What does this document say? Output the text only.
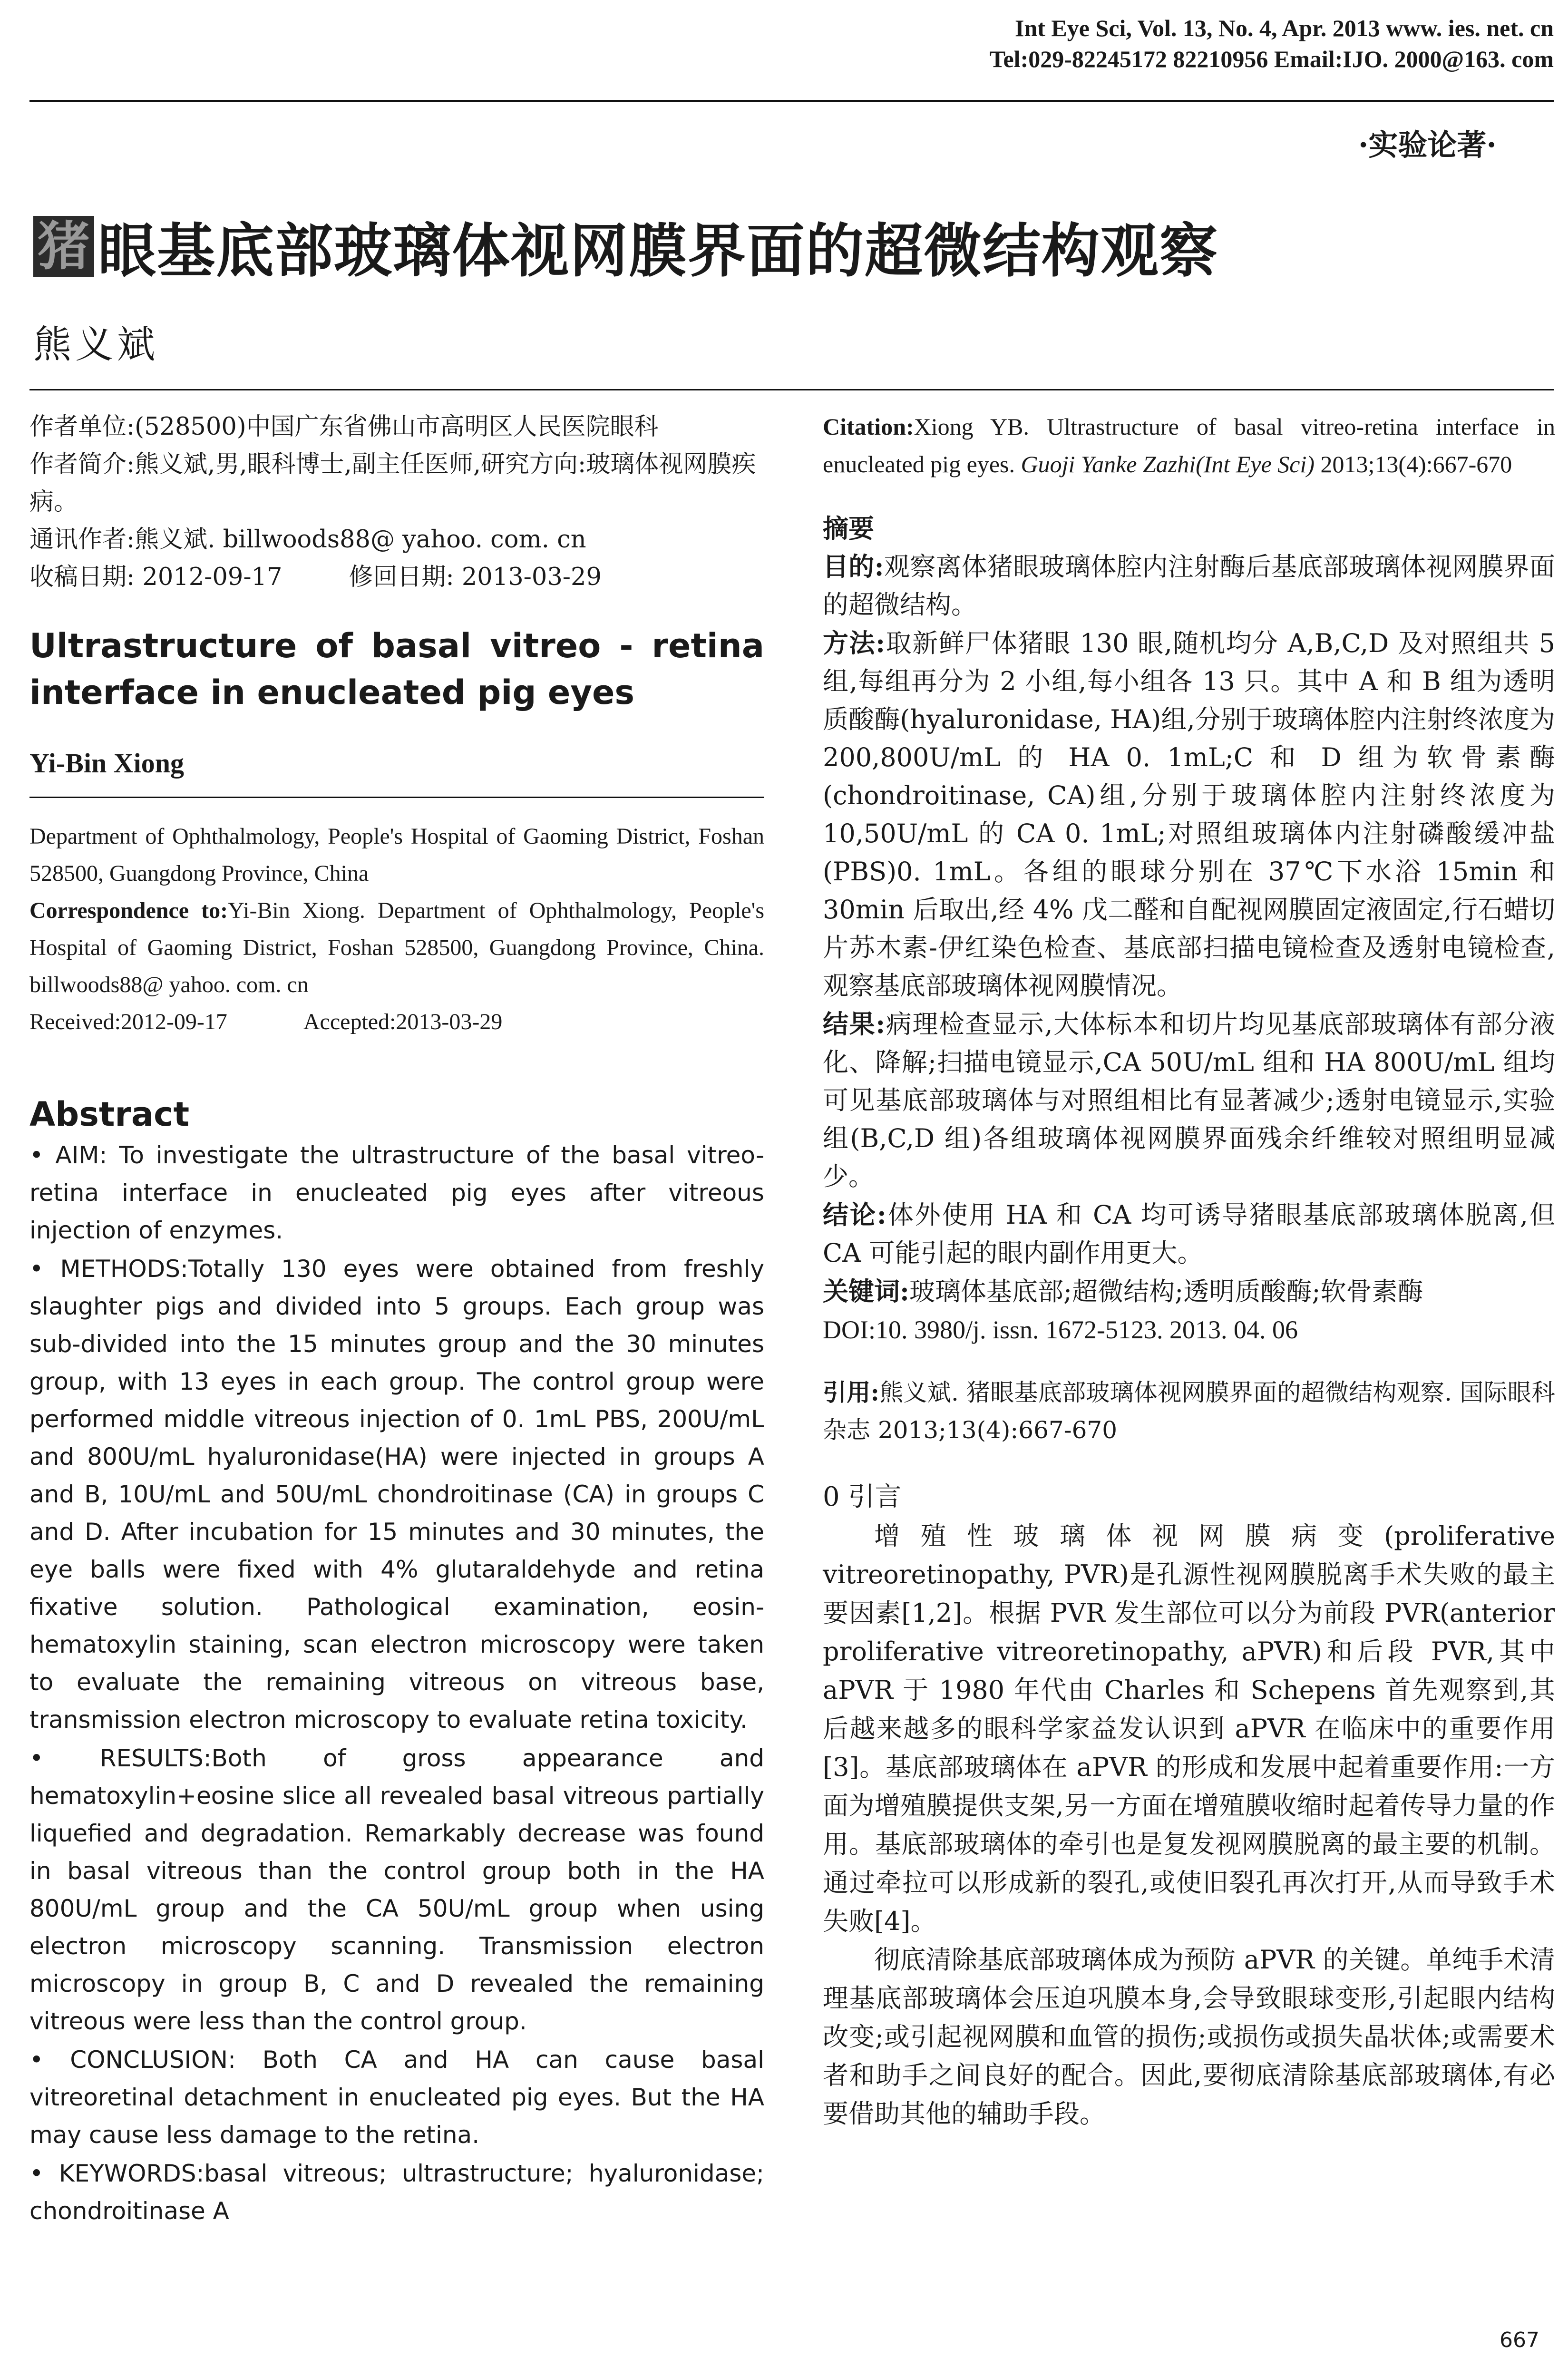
Int Eye Sci, Vol. 13, No. 4, Apr. 2013 www. ies. net. cn
Tel:029-82245172 82210956 Email:IJO. 2000@163. com
·实验论著·
猪 眼基底部玻璃体视网膜界面的超微结构观察
熊义斌
作者单位:(528500)中国广东省佛山市高明区人民医院眼科
作者简介:熊义斌,男,眼科博士,副主任医师,研究方向:玻璃体视网膜疾病。
通讯作者:熊义斌. billwoods88@ yahoo. com. cn
收稿日期: 2012-09-17	修回日期: 2013-03-29
Ultrastructure of basal vitreo - retina interface in enucleated pig eyes
Yi-Bin Xiong
Department of Ophthalmology, People's Hospital of Gaoming District, Foshan 528500, Guangdong Province, China
Correspondence to:Yi-Bin Xiong. Department of Ophthalmology, People's Hospital of Gaoming District, Foshan 528500, Guangdong Province, China. billwoods88@ yahoo. com. cn
Received:2012-09-17	Accepted:2013-03-29
Abstract
• AIM: To investigate the ultrastructure of the basal vitreo-retina interface in enucleated pig eyes after vitreous injection of enzymes.
• METHODS:Totally 130 eyes were obtained from freshly slaughter pigs and divided into 5 groups. Each group was sub-divided into the 15 minutes group and the 30 minutes group, with 13 eyes in each group. The control group were performed middle vitreous injection of 0. 1mL PBS, 200U/mL and 800U/mL hyaluronidase(HA) were injected in groups A and B, 10U/mL and 50U/mL chondroitinase (CA) in groups C and D. After incubation for 15 minutes and 30 minutes, the eye balls were fixed with 4% glutaraldehyde and retina fixative solution. Pathological examination, eosin-hematoxylin staining, scan electron microscopy were taken to evaluate the remaining vitreous on vitreous base, transmission electron microscopy to evaluate retina toxicity.
• RESULTS:Both of gross appearance and hematoxylin+eosine slice all revealed basal vitreous partially liquefied and degradation. Remarkably decrease was found in basal vitreous than the control group both in the HA 800U/mL group and the CA 50U/mL group when using electron microscopy scanning. Transmission electron microscopy in group B, C and D revealed the remaining vitreous were less than the control group.
• CONCLUSION: Both CA and HA can cause basal vitreoretinal detachment in enucleated pig eyes. But the HA may cause less damage to the retina.
• KEYWORDS:basal vitreous; ultrastructure; hyaluronidase; chondroitinase A
Citation:Xiong YB. Ultrastructure of basal vitreo-retina interface in enucleated pig eyes. Guoji Yanke Zazhi(Int Eye Sci) 2013;13(4):667-670
摘要
目的:观察离体猪眼玻璃体腔内注射酶后基底部玻璃体视网膜界面的超微结构。
方法:取新鲜尸体猪眼 130 眼,随机均分 A,B,C,D 及对照组共 5 组,每组再分为 2 小组,每小组各 13 只。其中 A 和 B 组为透明质酸酶(hyaluronidase, HA)组,分别于玻璃体腔内注射终浓度为 200,800U/mL 的 HA 0. 1mL;C 和 D 组为软骨素酶(chondroitinase, CA)组,分别于玻璃体腔内注射终浓度为 10,50U/mL 的 CA 0. 1mL;对照组玻璃体内注射磷酸缓冲盐(PBS)0. 1mL。各组的眼球分别在 37℃下水浴 15min 和 30min 后取出,经 4% 戊二醛和自配视网膜固定液固定,行石蜡切片苏木素-伊红染色检查、基底部扫描电镜检查及透射电镜检查,观察基底部玻璃体视网膜情况。
结果:病理检查显示,大体标本和切片均见基底部玻璃体有部分液化、降解;扫描电镜显示,CA 50U/mL 组和 HA 800U/mL 组均可见基底部玻璃体与对照组相比有显著减少;透射电镜显示,实验组(B,C,D 组)各组玻璃体视网膜界面残余纤维较对照组明显减少。
结论:体外使用 HA 和 CA 均可诱导猪眼基底部玻璃体脱离,但 CA 可能引起的眼内副作用更大。
关键词:玻璃体基底部;超微结构;透明质酸酶;软骨素酶
DOI:10. 3980/j. issn. 1672-5123. 2013. 04. 06
引用:熊义斌. 猪眼基底部玻璃体视网膜界面的超微结构观察. 国际眼科杂志 2013;13(4):667-670
0 引言
增殖性玻璃体视网膜病变(proliferative vitreoretinopathy, PVR)是孔源性视网膜脱离手术失败的最主要因素[1,2]。根据 PVR 发生部位可以分为前段 PVR(anterior proliferative vitreoretinopathy, aPVR)和后段 PVR,其中 aPVR 于 1980 年代由 Charles 和 Schepens 首先观察到,其后越来越多的眼科学家益发认识到 aPVR 在临床中的重要作用[3]。基底部玻璃体在 aPVR 的形成和发展中起着重要作用:一方面为增殖膜提供支架,另一方面在增殖膜收缩时起着传导力量的作用。基底部玻璃体的牵引也是复发视网膜脱离的最主要的机制。通过牵拉可以形成新的裂孔,或使旧裂孔再次打开,从而导致手术失败[4]。
彻底清除基底部玻璃体成为预防 aPVR 的关键。单纯手术清理基底部玻璃体会压迫巩膜本身,会导致眼球变形,引起眼内结构改变;或引起视网膜和血管的损伤;或损伤或损失晶状体;或需要术者和助手之间良好的配合。因此,要彻底清除基底部玻璃体,有必要借助其他的辅助手段。
667
